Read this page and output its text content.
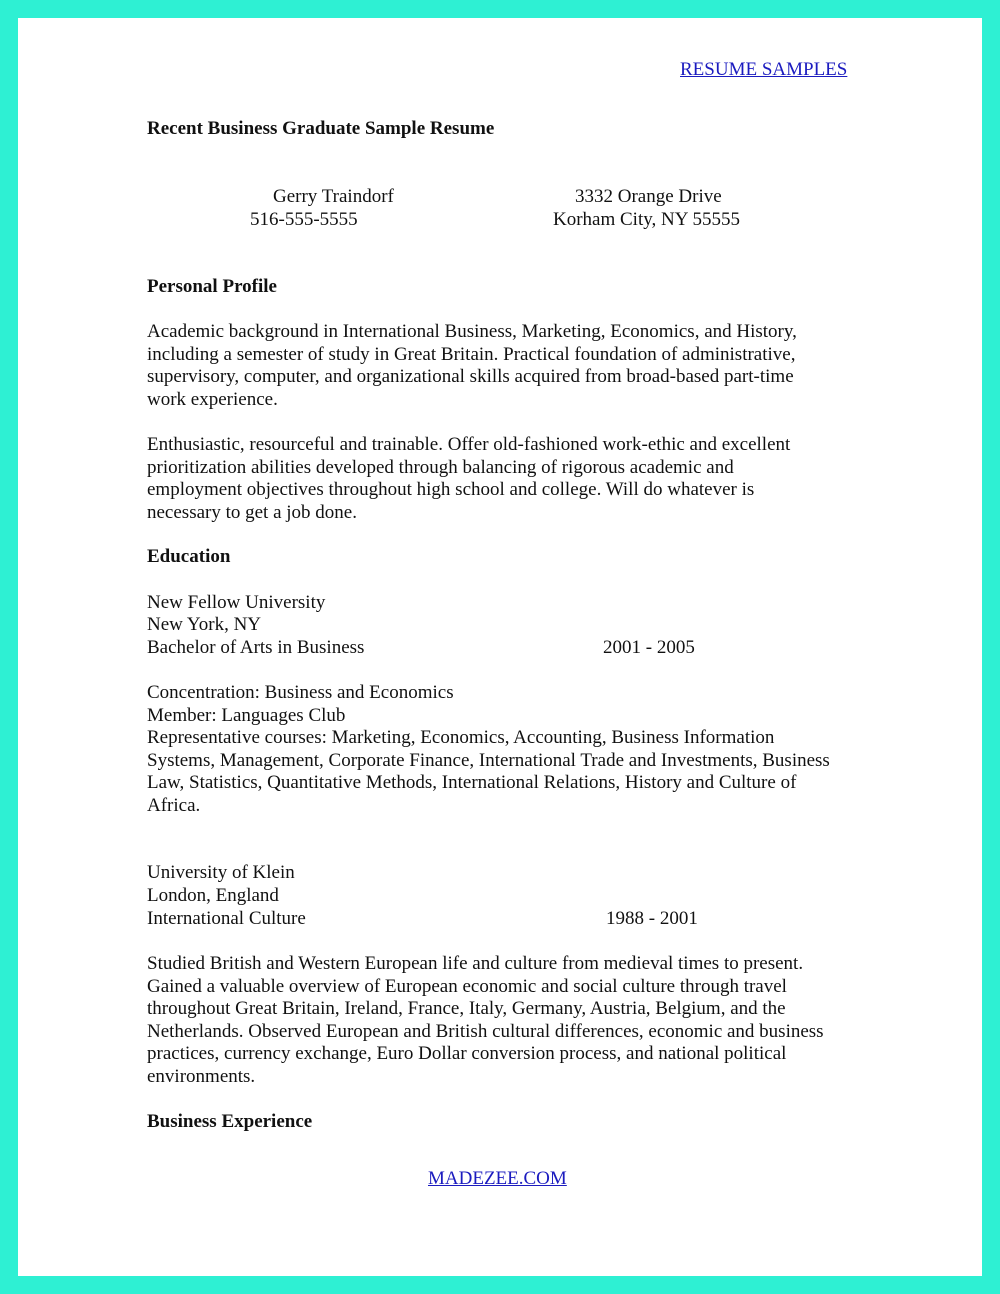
RESUME SAMPLES
Recent Business Graduate Sample Resume
Gerry Traindorf
516-555-5555
3332 Orange Drive
Korham City, NY 55555
Personal Profile
Academic background in International Business, Marketing, Economics, and History,
including a semester of study in Great Britain. Practical foundation of administrative,
supervisory, computer, and organizational skills acquired from broad-based part-time
work experience.
Enthusiastic, resourceful and trainable. Offer old-fashioned work-ethic and excellent
prioritization abilities developed through balancing of rigorous academic and
employment objectives throughout high school and college. Will do whatever is
necessary to get a job done.
Education
New Fellow University
New York, NY
Bachelor of Arts in Business	2001 - 2005
Concentration: Business and Economics
Member: Languages Club
Representative courses: Marketing, Economics, Accounting, Business Information
Systems, Management, Corporate Finance, International Trade and Investments, Business
Law, Statistics, Quantitative Methods, International Relations, History and Culture of
Africa.
University of Klein
London, England
International Culture	1988 - 2001
Studied British and Western European life and culture from medieval times to present.
Gained a valuable overview of European economic and social culture through travel
throughout Great Britain, Ireland, France, Italy, Germany, Austria, Belgium, and the
Netherlands. Observed European and British cultural differences, economic and business
practices, currency exchange, Euro Dollar conversion process, and national political
environments.
Business Experience
MADEZEE.COM
